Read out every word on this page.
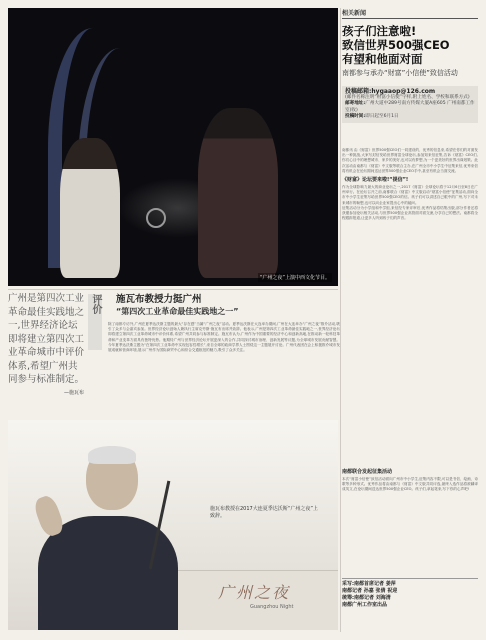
“广州之夜”上演中西文化节目。
相关新闻
孩子们注意啦!
致信世界500强CEO
有望和他面对面
南都参与承办“财富”小信使”致信活动
投稿邮箱:hygaaop@126.com
(邮件名称注明“财富小信使”字样,附上姓名、学校和联系方式)
邮寄地址:广州大道中289号南方传媒大厦A座605 广州南都工作室(收)
投稿时间:即日起至6月1日

南都讯 由《财富》世界500强CEO们一同建设的、优秀的信息来,希望在你们的对面发出一种挑战,大家写封信发给世界财富全球论坛,参加知来信征集,告诉《财富》CEO们,你们心目中的理想城市、家乡的美好,也可以有梦想,为一个更美好的世界出谋划策。此次活动由南都与《财富》中文版等联合主办,在广州全市中小学生中征集来信,优秀来信将有机会在论坛期间送达世界500强企业CEO手中,甚至有机会当面交流。

《财富》论坛要来啦!“提信”!

作为全球影响力最大的商业论坛之一,2017《财富》全球论坛将于12月6日至8日在广州举行。在论坛召开之前,南都联合《财富》中文版启动“财富小信使”征集活动,面向全市中小学生征集写给世界500强CEO的信。孩子们可以讲述自己眼中的广州,写下对未来城市的畅想,也可以向企业家提出心中的疑问。

征集活动分为小学组和中学组,来信经专家评审后,优秀作品将结集出版,部分作者还将获邀参加论坛相关活动,与世界500强企业高管面对面交流,分享自己的想法。南都将全程跟踪报道,让更多人听到孩子们的声音。

广州是第四次工业革命最佳实践地之一,世界经济论坛即将建立第四次工业革命城市中评价体系,希望广州共同参与标准制定。
—施瓦布
评价 施瓦布教授力挺广州
“第四次工业革命最佳实践地之一”

除了南都专访外,广州在夏季达沃斯主题的最大“存在感”当属“广州之夜”活动。夏季达沃斯在大连举办期间,广州在大连举办“广州之夜”推介活动,吸引了众多与会嘉宾参加。世界经济论坛创始人兼执行主席克劳斯·施瓦布出席并致辞。他表示,广州是第四次工业革命最佳实践地之一,世界经济论坛即将建立第四次工业革命城市中评价体系,希望广州共同参与标准制定。施瓦布认为,广州作为中国重要的经济中心和创新高地,在推动新一轮科技革命和产业变革方面具有独特优势。他期待广州与世界经济论坛开展更深入的合作,共同探讨城市治理、创新发展等议题,为全球城市发展贡献智慧。今年夏季达沃斯主题为“在第四次工业革命中实现包容性增长”,来自全球的政商学界人士围绕这一主题展开讨论。广州代表团在会上积极推介城市发展成就和营商环境,展示广州作为国际商贸中心和综合交通枢纽的魅力,吸引了众多关注。

施瓦布教授在2017大连夏季达沃斯“广州之夜”上致辞。
广州之夜
Guangzhou Night
南都联合发起征集活动

本次“财富小信使”致信活动面向广州市中小学生,征集内容不限,可以是书信、绘画、诗歌等多种形式。优秀作品将由南都与《财富》中文版共同评选,最终入选作品将被翻译成英文,在论坛期间送达世界500强企业CEO。孩子们,拿起笔来,写下你的心声吧!

采写:南都首席记者 姜萍
南都记者 孙嘉 张倩 祝迎
统筹:南都记者 刘海清
南都广州工作室出品
